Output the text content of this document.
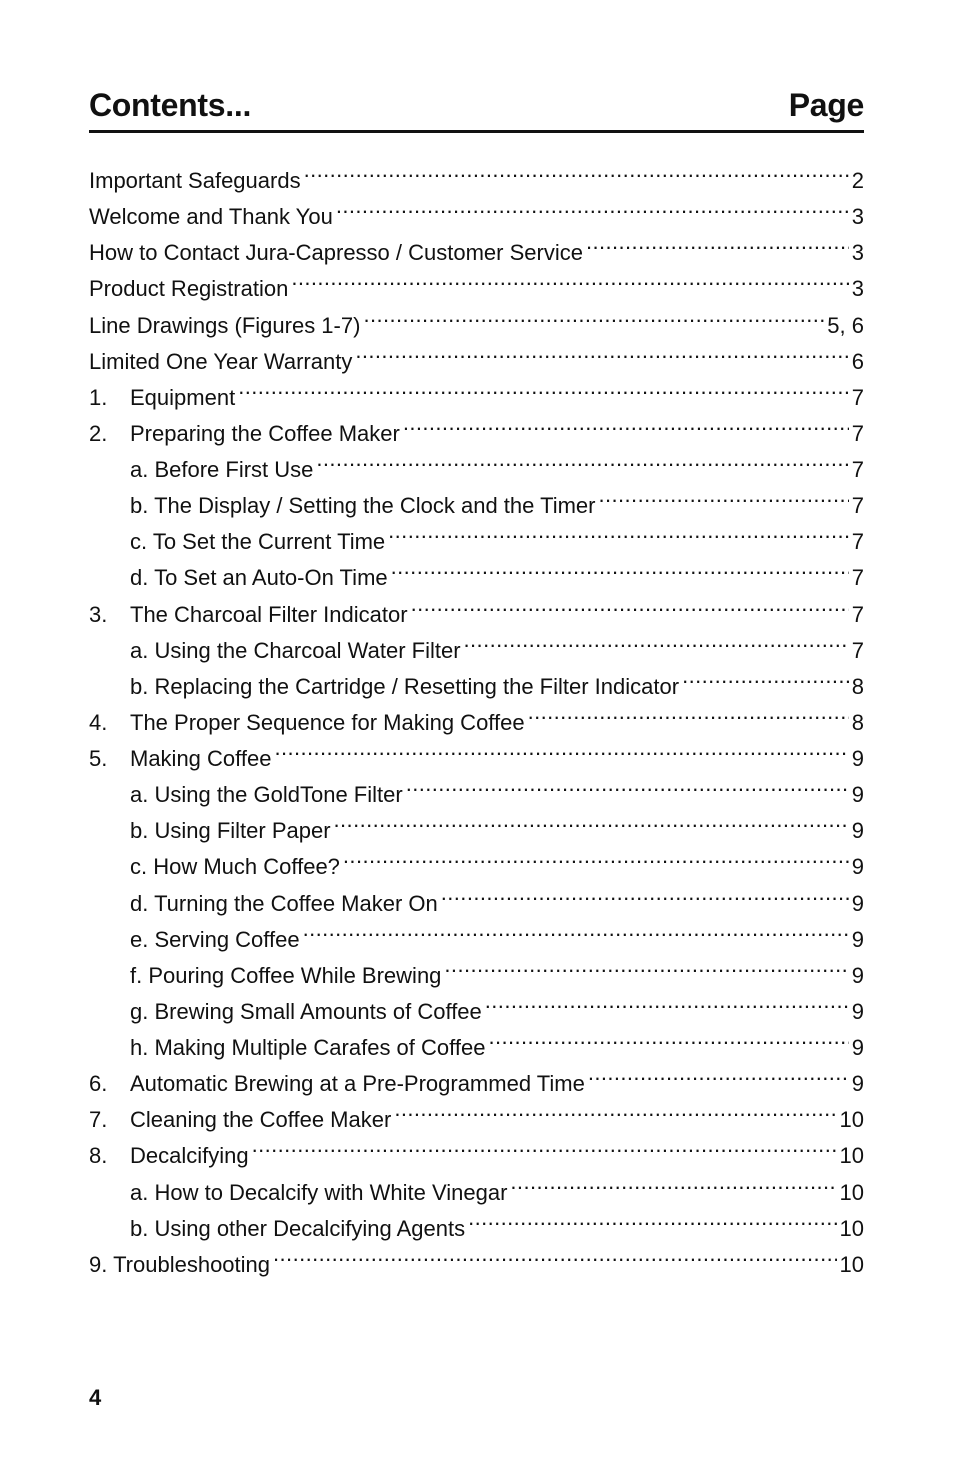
Contents...	Page
Important Safeguards .....	2
Welcome and Thank You .....	3
How to Contact Jura-Capresso / Customer Service .....	3
Product Registration .....	3
Line Drawings (Figures 1-7) .....	5, 6
Limited One Year Warranty .....	6
1.	Equipment .....	7
2.	Preparing the Coffee Maker .....	7
a. Before First Use .....	7
b. The Display / Setting the Clock and the Timer .....	7
c. To Set the Current Time .....	7
d. To Set an Auto-On Time .....	7
3.	The Charcoal Filter Indicator .....	7
a. Using the Charcoal Water Filter .....	7
b. Replacing the Cartridge / Resetting the Filter Indicator .....	8
4.	The Proper Sequence for Making Coffee .....	8
5.	Making Coffee .....	9
a. Using the GoldTone Filter .....	9
b. Using Filter Paper .....	9
c. How Much Coffee? .....	9
d. Turning the Coffee Maker On .....	9
e. Serving Coffee .....	9
f. Pouring Coffee While Brewing .....	9
g. Brewing Small Amounts of Coffee .....	9
h. Making Multiple Carafes of Coffee .....	9
6.	Automatic Brewing at a Pre-Programmed Time .....	9
7.	Cleaning the Coffee Maker .....	10
8.	Decalcifying .....	10
a. How to Decalcify with White Vinegar .....	10
b. Using other Decalcifying Agents .....	10
9. Troubleshooting .....	10
4
